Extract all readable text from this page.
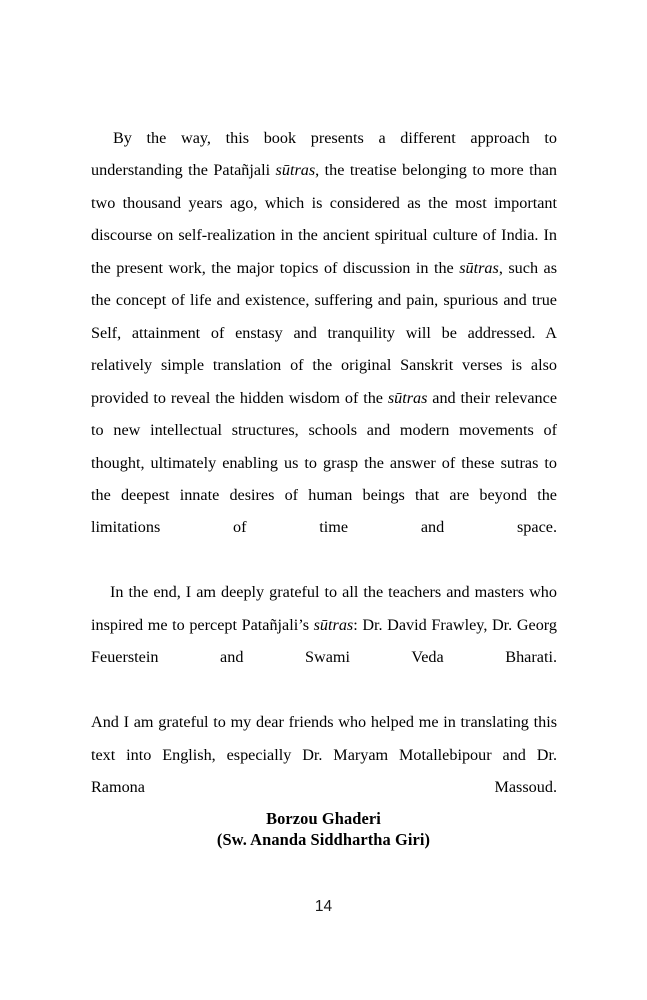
By the way, this book presents a different approach to understanding the Patañjali sūtras, the treatise belonging to more than two thousand years ago, which is considered as the most important discourse on self-realization in the ancient spiritual culture of India. In the present work, the major topics of discussion in the sūtras, such as the concept of life and existence, suffering and pain, spurious and true Self, attainment of enstasy and tranquility will be addressed. A relatively simple translation of the original Sanskrit verses is also provided to reveal the hidden wisdom of the sūtras and their relevance to new intellectual structures, schools and modern movements of thought, ultimately enabling us to grasp the answer of these sutras to the deepest innate desires of human beings that are beyond the limitations of time and space.

In the end, I am deeply grateful to all the teachers and masters who inspired me to percept Patañjali’s sūtras: Dr. David Frawley, Dr. Georg Feuerstein and Swami Veda Bharati.

And I am grateful to my dear friends who helped me in translating this text into English, especially Dr. Maryam Motallebipour and Dr. Ramona Massoud.

Borzou Ghaderi
(Sw. Ananda Siddhartha Giri)
14
